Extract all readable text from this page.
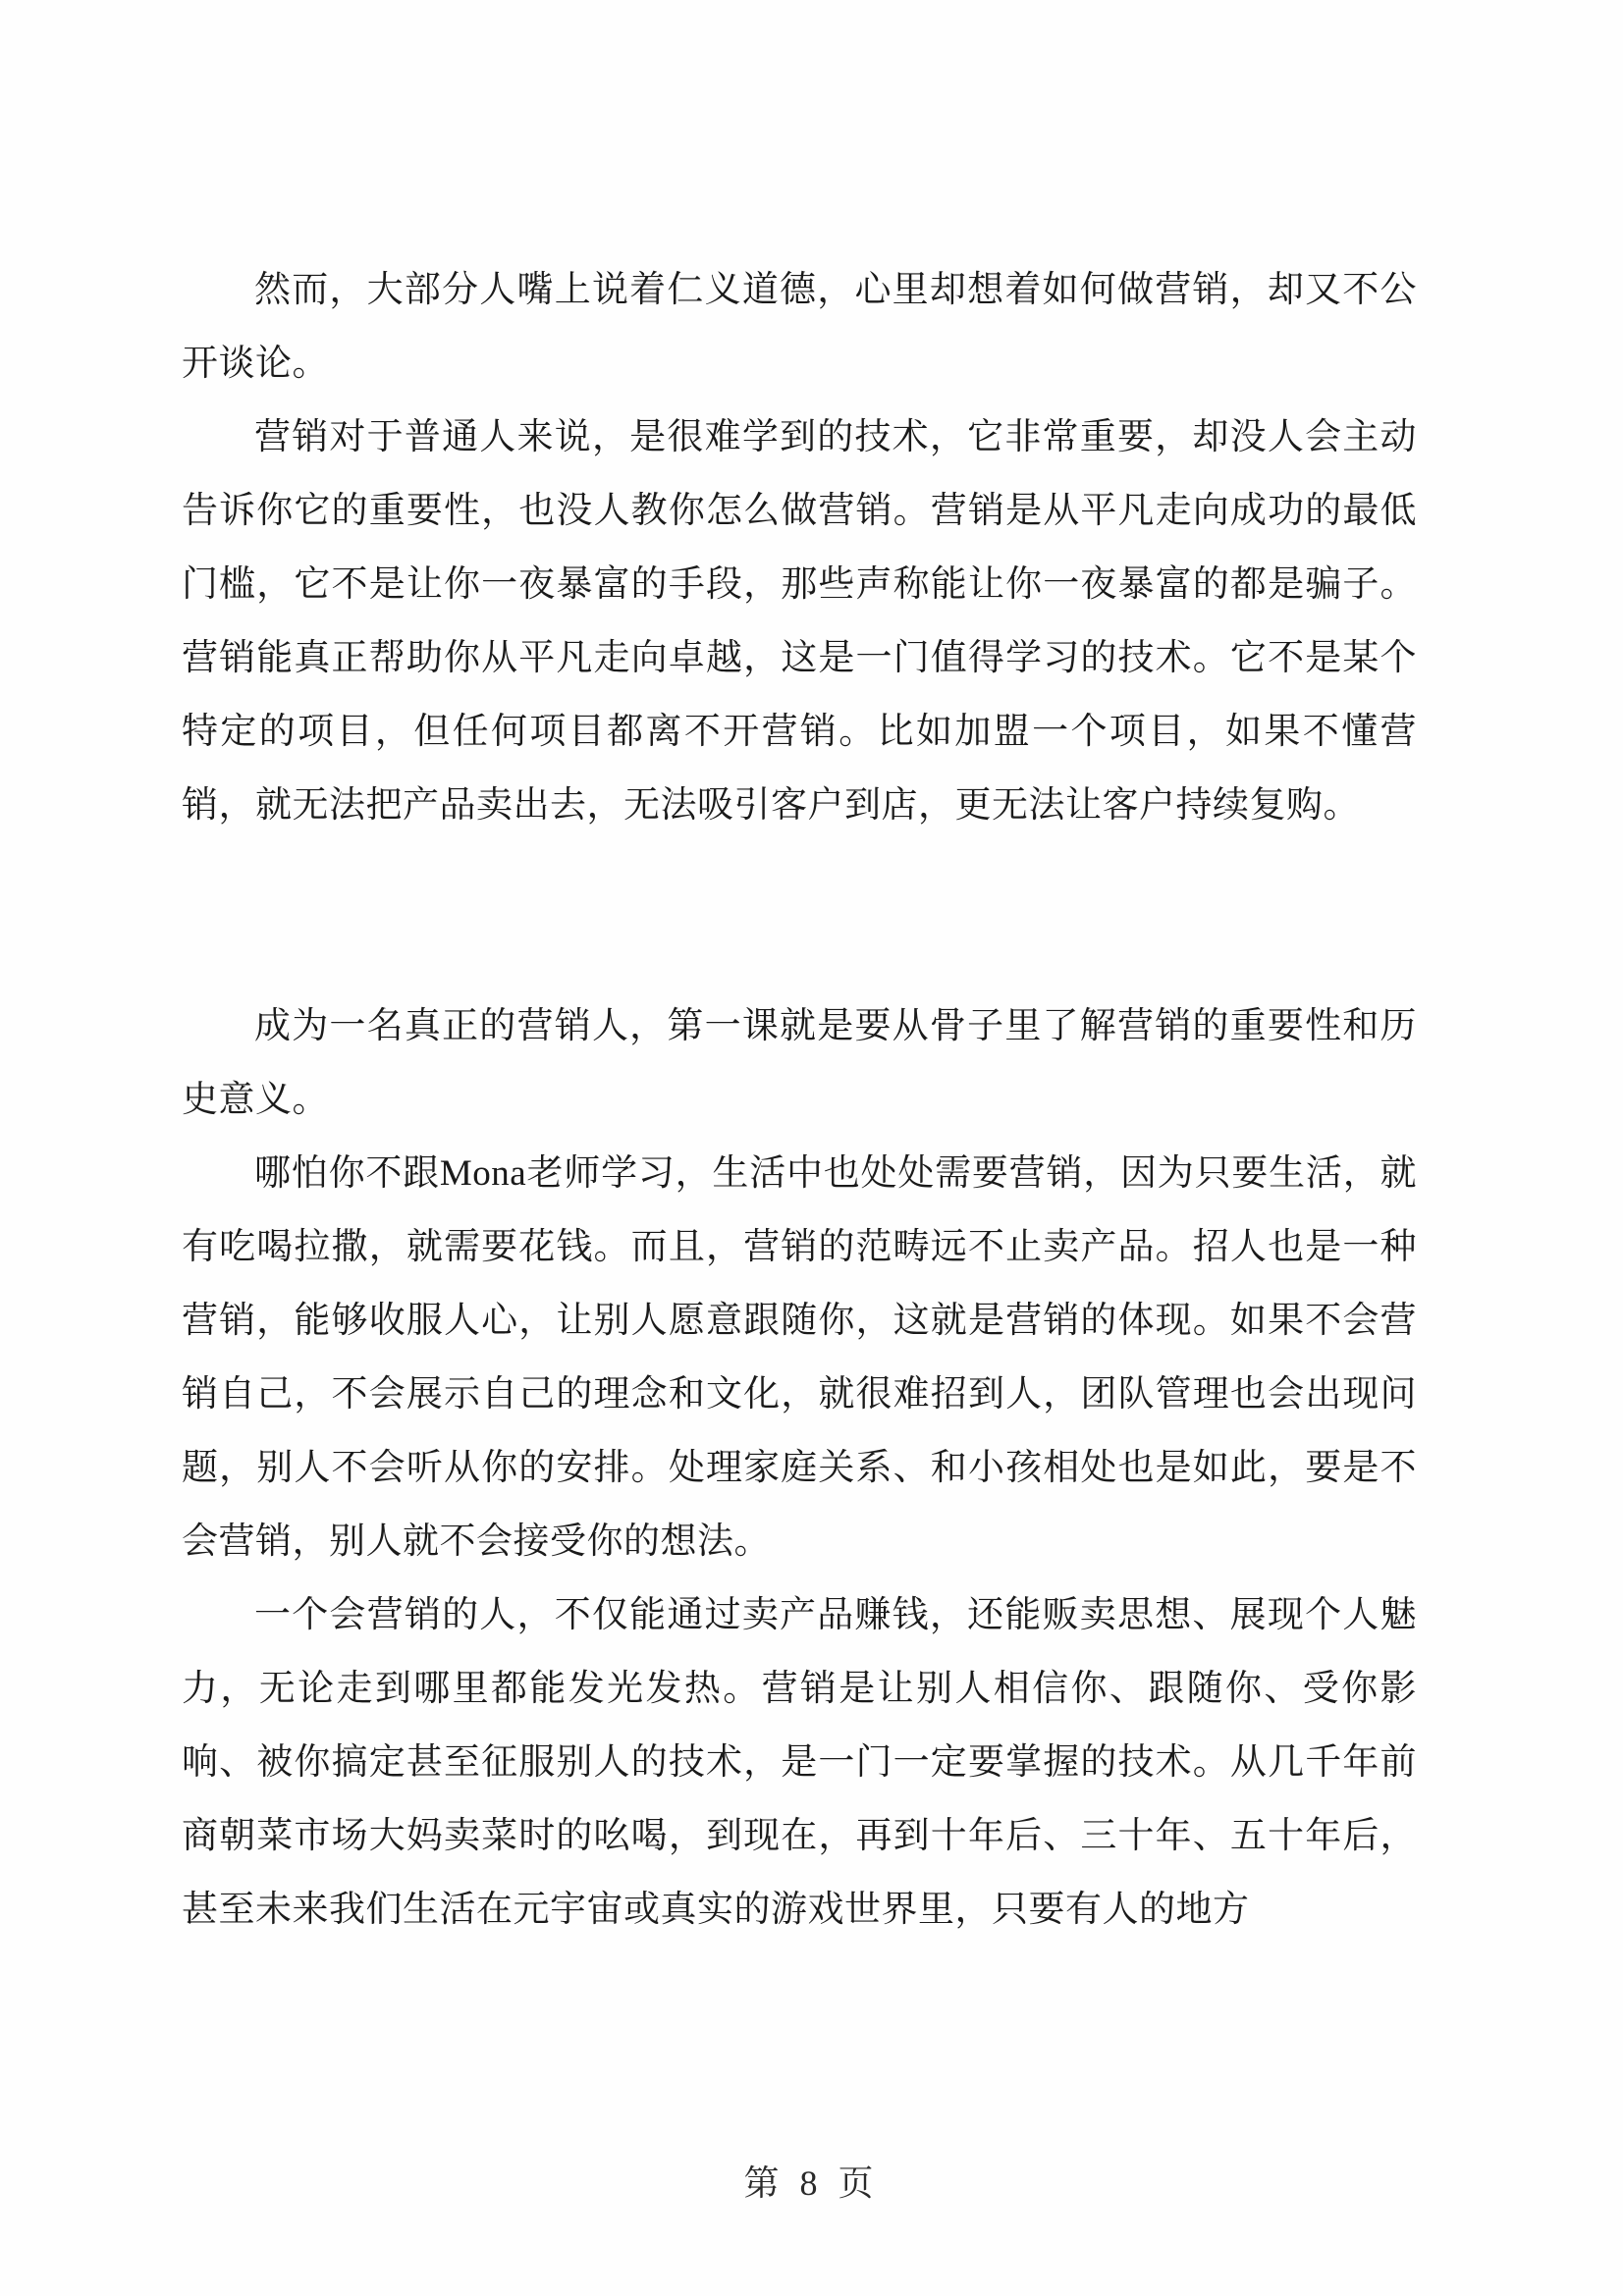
然而，大部分人嘴上说着仁义道德，心里却想着如何做营销，却又不公开谈论。

营销对于普通人来说，是很难学到的技术，它非常重要，却没人会主动告诉你它的重要性，也没人教你怎么做营销。营销是从平凡走向成功的最低门槛，它不是让你一夜暴富的手段，那些声称能让你一夜暴富的都是骗子。营销能真正帮助你从平凡走向卓越，这是一门值得学习的技术。它不是某个特定的项目，但任何项目都离不开营销。比如加盟一个项目，如果不懂营销，就无法把产品卖出去，无法吸引客户到店，更无法让客户持续复购。

成为一名真正的营销人，第一课就是要从骨子里了解营销的重要性和历史意义。

哪怕你不跟Mona老师学习，生活中也处处需要营销，因为只要生活，就有吃喝拉撒，就需要花钱。而且，营销的范畴远不止卖产品。招人也是一种营销，能够收服人心，让别人愿意跟随你，这就是营销的体现。如果不会营销自己，不会展示自己的理念和文化，就很难招到人，团队管理也会出现问题，别人不会听从你的安排。处理家庭关系、和小孩相处也是如此，要是不会营销，别人就不会接受你的想法。

一个会营销的人，不仅能通过卖产品赚钱，还能贩卖思想、展现个人魅力，无论走到哪里都能发光发热。营销是让别人相信你、跟随你、受你影响、被你搞定甚至征服别人的技术，是一门一定要掌握的技术。从几千年前商朝菜市场大妈卖菜时的吆喝，到现在，再到十年后、三十年、五十年后，甚至未来我们生活在元宇宙或真实的游戏世界里，只要有人的地方

第 8 页
